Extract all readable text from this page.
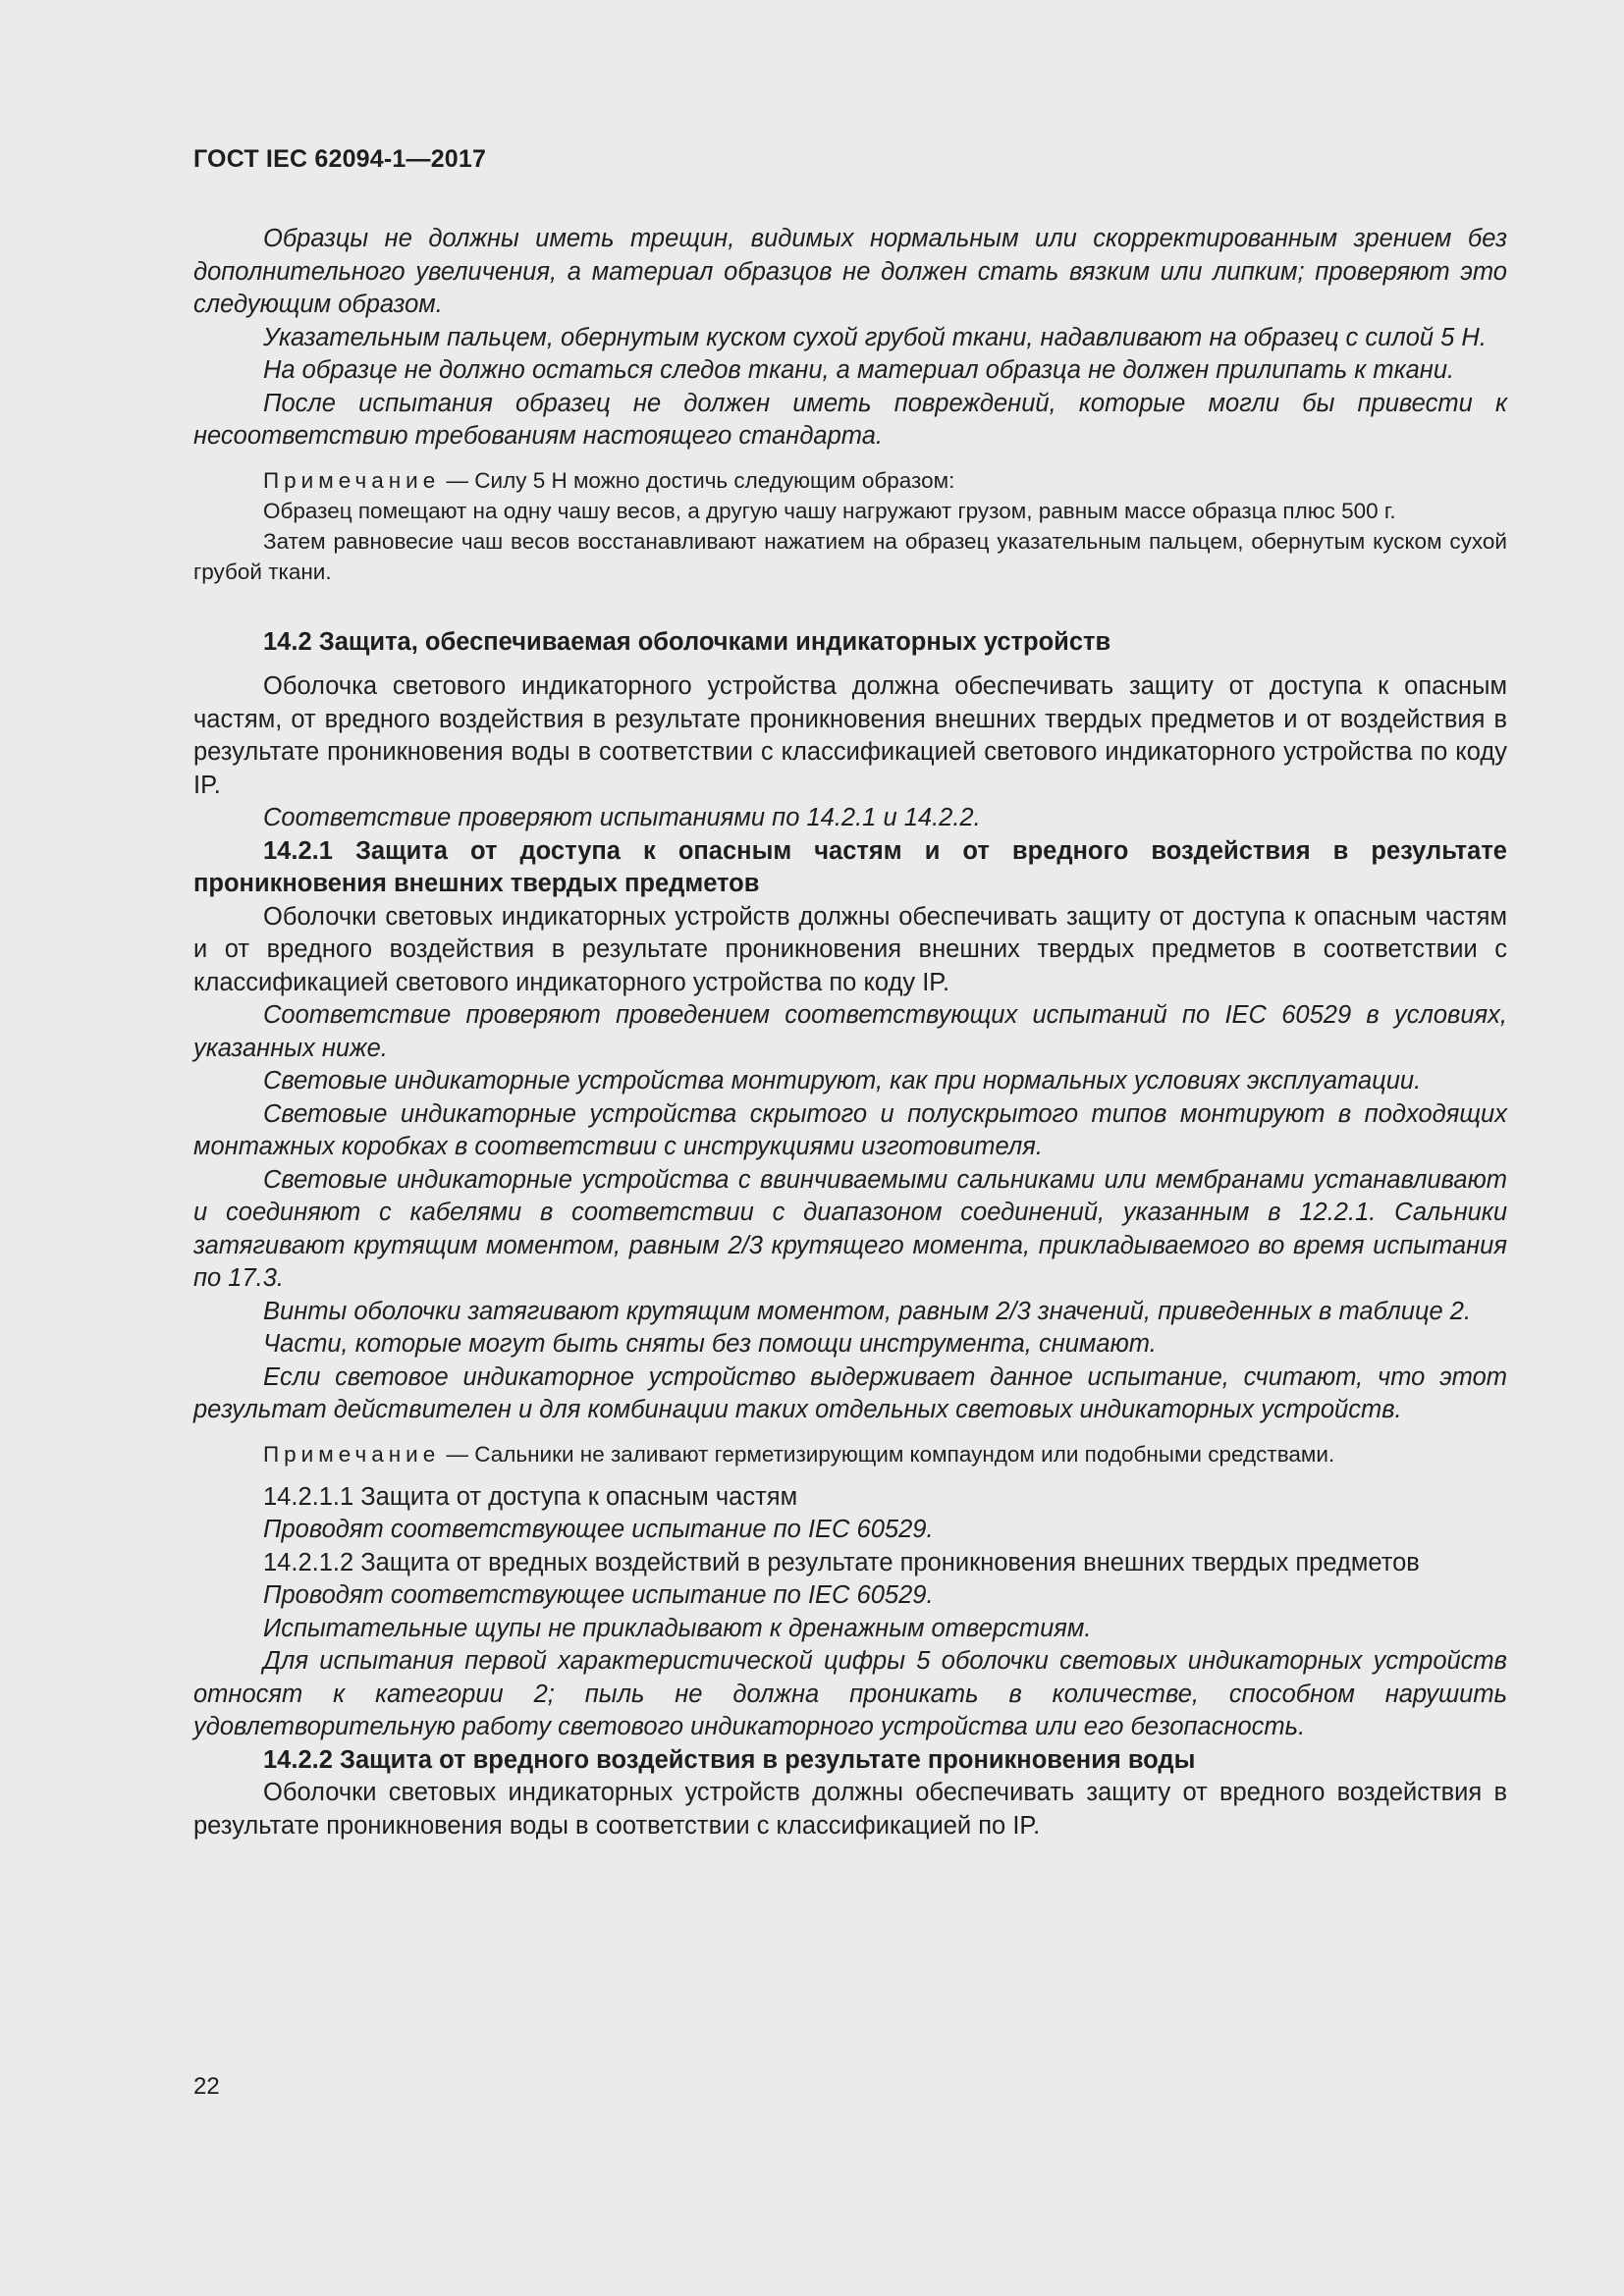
ГОСТ IEC 62094-1—2017

Образцы не должны иметь трещин, видимых нормальным или скорректированным зрением без дополнительного увеличения, а материал образцов не должен стать вязким или липким; проверяют это следующим образом.

Указательным пальцем, обернутым куском сухой грубой ткани, надавливают на образец с силой 5 Н.

На образце не должно остаться следов ткани, а материал образца не должен прилипать к ткани.

После испытания образец не должен иметь повреждений, которые могли бы привести к несоответствию требованиям настоящего стандарта.

Примечание — Силу 5 Н можно достичь следующим образом:

Образец помещают на одну чашу весов, а другую чашу нагружают грузом, равным массе образца плюс 500 г.

Затем равновесие чаш весов восстанавливают нажатием на образец указательным пальцем, обернутым куском сухой грубой ткани.

14.2 Защита, обеспечиваемая оболочками индикаторных устройств

Оболочка светового индикаторного устройства должна обеспечивать защиту от доступа к опасным частям, от вредного воздействия в результате проникновения внешних твердых предметов и от воздействия в результате проникновения воды в соответствии с классификацией светового индикаторного устройства по коду IP.

Соответствие проверяют испытаниями по 14.2.1 и 14.2.2.

14.2.1 Защита от доступа к опасным частям и от вредного воздействия в результате проникновения внешних твердых предметов

Оболочки световых индикаторных устройств должны обеспечивать защиту от доступа к опасным частям и от вредного воздействия в результате проникновения внешних твердых предметов в соответствии с классификацией светового индикаторного устройства по коду IP.

Соответствие проверяют проведением соответствующих испытаний по IEC 60529 в условиях, указанных ниже.

Световые индикаторные устройства монтируют, как при нормальных условиях эксплуатации.

Световые индикаторные устройства скрытого и полускрытого типов монтируют в подходящих монтажных коробках в соответствии с инструкциями изготовителя.

Световые индикаторные устройства с ввинчиваемыми сальниками или мембранами устанавливают и соединяют с кабелями в соответствии с диапазоном соединений, указанным в 12.2.1. Сальники затягивают крутящим моментом, равным 2/3 крутящего момента, прикладываемого во время испытания по 17.3.

Винты оболочки затягивают крутящим моментом, равным 2/3 значений, приведенных в таблице 2.

Части, которые могут быть сняты без помощи инструмента, снимают.

Если световое индикаторное устройство выдерживает данное испытание, считают, что этот результат действителен и для комбинации таких отдельных световых индикаторных устройств.

Примечание — Сальники не заливают герметизирующим компаундом или подобными средствами.

14.2.1.1 Защита от доступа к опасным частям

Проводят соответствующее испытание по IEC 60529.

14.2.1.2 Защита от вредных воздействий в результате проникновения внешних твердых предметов

Проводят соответствующее испытание по IEC 60529.

Испытательные щупы не прикладывают к дренажным отверстиям.

Для испытания первой характеристической цифры 5 оболочки световых индикаторных устройств относят к категории 2; пыль не должна проникать в количестве, способном нарушить удовлетворительную работу светового индикаторного устройства или его безопасность.

14.2.2 Защита от вредного воздействия в результате проникновения воды

Оболочки световых индикаторных устройств должны обеспечивать защиту от вредного воздействия в результате проникновения воды в соответствии с классификацией по IP.

22
